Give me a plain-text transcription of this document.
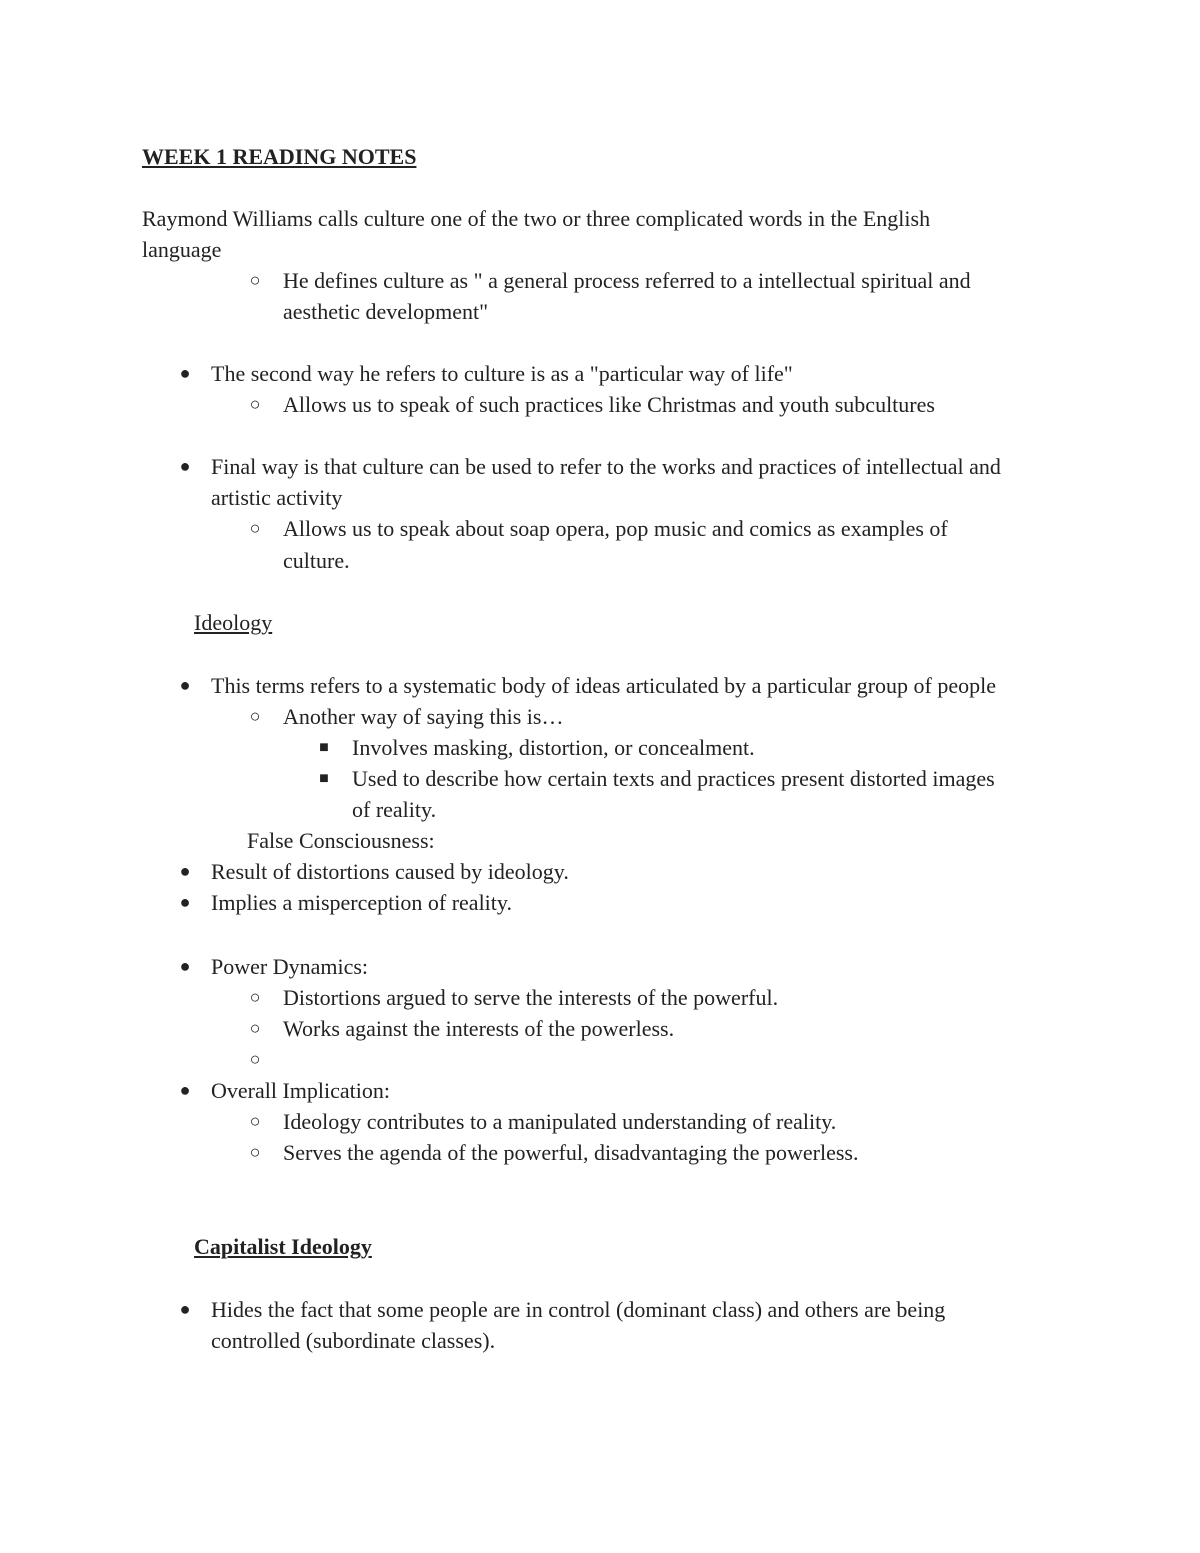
WEEK 1 READING NOTES
Raymond Williams calls culture one of the two or three complicated words in the English
language
○ He defines culture as " a general process referred to a intellectual spiritual and
aesthetic development"
● The second way he refers to culture is as a "particular way of life"
○ Allows us to speak of such practices like Christmas and youth subcultures
● Final way is that culture can be used to refer to the works and practices of intellectual and
artistic activity
○ Allows us to speak about soap opera, pop music and comics as examples of
culture.
Ideology
● This terms refers to a systematic body of ideas articulated by a particular group of people
○ Another way of saying this is…
■ Involves masking, distortion, or concealment.
■ Used to describe how certain texts and practices present distorted images
of reality.
False Consciousness:
● Result of distortions caused by ideology.
● Implies a misperception of reality.
● Power Dynamics:
○ Distortions argued to serve the interests of the powerful.
○ Works against the interests of the powerless.
○
● Overall Implication:
○ Ideology contributes to a manipulated understanding of reality.
○ Serves the agenda of the powerful, disadvantaging the powerless.
Capitalist Ideology
● Hides the fact that some people are in control (dominant class) and others are being
controlled (subordinate classes).
